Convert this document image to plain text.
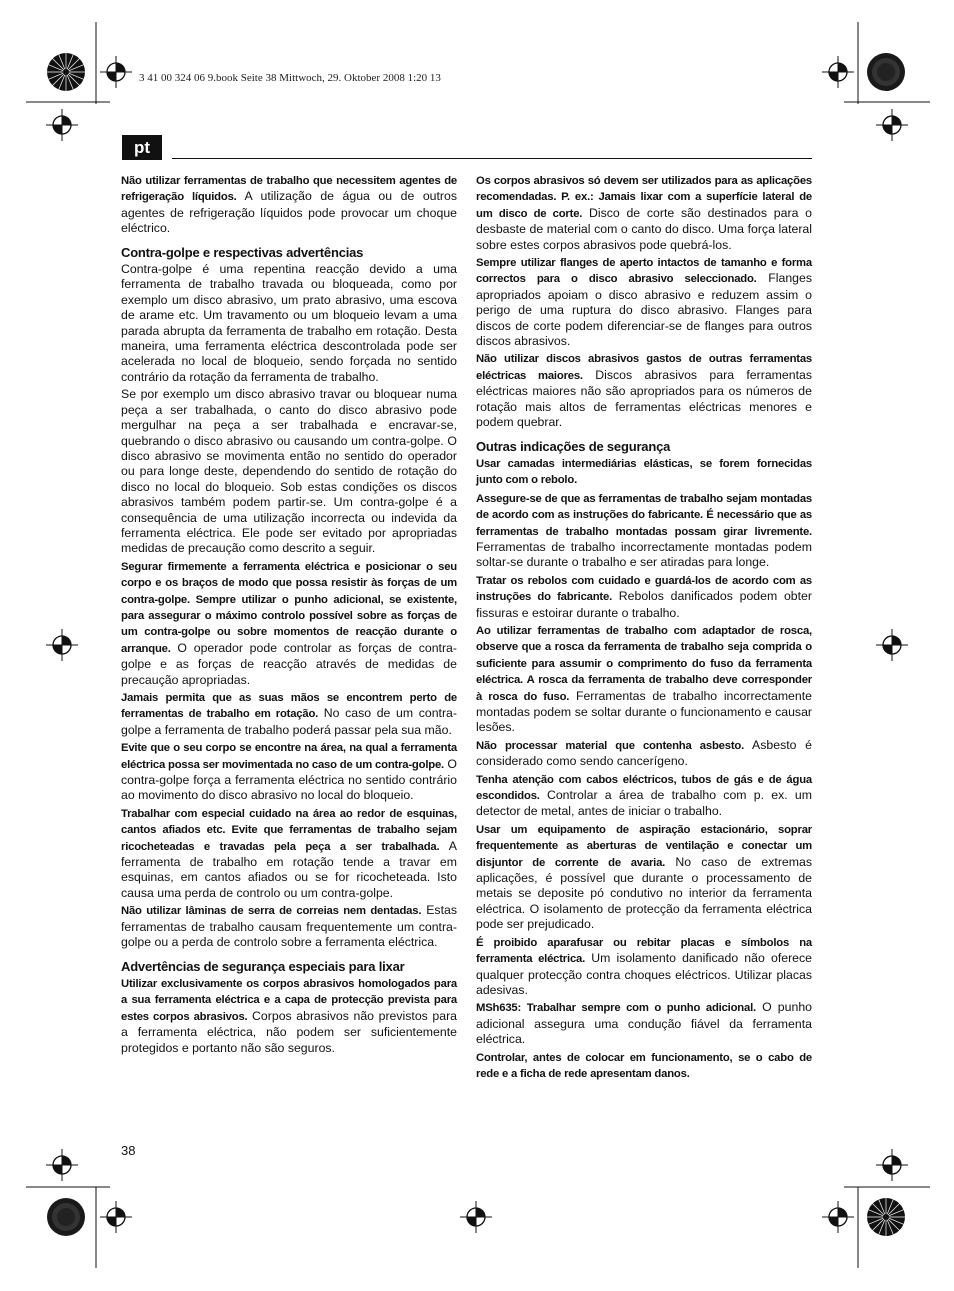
3 41 00 324 06 9.book Seite 38 Mittwoch, 29. Oktober 2008 1:20 13
pt

Não utilizar ferramentas de trabalho que necessitem agentes de refrigeração líquidos. A utilização de água ou de outros agentes de refrigeração líquidos pode provocar um choque eléctrico.

Contra-golpe e respectivas advertências

Contra-golpe é uma repentina reacção devido a uma ferramenta de trabalho travada ou bloqueada, como por exemplo um disco abrasivo, um prato abrasivo, uma escova de arame etc. Um travamento ou um bloqueio levam a uma parada abrupta da ferramenta de trabalho em rotação. Desta maneira, uma ferramenta eléctrica descontrolada pode ser acelerada no local de bloqueio, sendo forçada no sentido contrário da rotação da ferramenta de trabalho.

Se por exemplo um disco abrasivo travar ou bloquear numa peça a ser trabalhada, o canto do disco abrasivo pode mergulhar na peça a ser trabalhada e encravar-se, quebrando o disco abrasivo ou causando um contra-golpe. O disco abrasivo se movimenta então no sentido do operador ou para longe deste, dependendo do sentido de rotação do disco no local do bloqueio. Sob estas condições os discos abrasivos também podem partir-se. Um contra-golpe é a consequência de uma utilização incorrecta ou indevida da ferramenta eléctrica. Ele pode ser evitado por apropriadas medidas de precaução como descrito a seguir.

Segurar firmemente a ferramenta eléctrica e posicionar o seu corpo e os braços de modo que possa resistir às forças de um contra-golpe. Sempre utilizar o punho adicional, se existente, para assegurar o máximo controlo possível sobre as forças de um contra-golpe ou sobre momentos de reacção durante o arranque. O operador pode controlar as forças de contra-golpe e as forças de reacção através de medidas de precaução apropriadas.

Jamais permita que as suas mãos se encontrem perto de ferramentas de trabalho em rotação. No caso de um contra-golpe a ferramenta de trabalho poderá passar pela sua mão.

Evite que o seu corpo se encontre na área, na qual a ferramenta eléctrica possa ser movimentada no caso de um contra-golpe. O contra-golpe força a ferramenta eléctrica no sentido contrário ao movimento do disco abrasivo no local do bloqueio.

Trabalhar com especial cuidado na área ao redor de esquinas, cantos afiados etc. Evite que ferramentas de trabalho sejam ricocheteadas e travadas pela peça a ser trabalhada. A ferramenta de trabalho em rotação tende a travar em esquinas, em cantos afiados ou se for ricocheteada. Isto causa uma perda de controlo ou um contra-golpe.

Não utilizar lâminas de serra de correias nem dentadas. Estas ferramentas de trabalho causam frequentemente um contra-golpe ou a perda de controlo sobre a ferramenta eléctrica.

Advertências de segurança especiais para lixar

Utilizar exclusivamente os corpos abrasivos homologados para a sua ferramenta eléctrica e a capa de protecção prevista para estes corpos abrasivos. Corpos abrasivos não previstos para a ferramenta eléctrica, não podem ser suficientemente protegidos e portanto não são seguros.

Os corpos abrasivos só devem ser utilizados para as aplicações recomendadas. P. ex.: Jamais lixar com a superfície lateral de um disco de corte. Disco de corte são destinados para o desbaste de material com o canto do disco. Uma força lateral sobre estes corpos abrasivos pode quebrá-los.

Sempre utilizar flanges de aperto intactos de tamanho e forma correctos para o disco abrasivo seleccionado. Flanges apropriados apoiam o disco abrasivo e reduzem assim o perigo de uma ruptura do disco abrasivo. Flanges para discos de corte podem diferenciar-se de flanges para outros discos abrasivos.

Não utilizar discos abrasivos gastos de outras ferramentas eléctricas maiores. Discos abrasivos para ferramentas eléctricas maiores não são apropriados para os números de rotação mais altos de ferramentas eléctricas menores e podem quebrar.

Outras indicações de segurança

Usar camadas intermediárias elásticas, se forem fornecidas junto com o rebolo.

Assegure-se de que as ferramentas de trabalho sejam montadas de acordo com as instruções do fabricante. É necessário que as ferramentas de trabalho montadas possam girar livremente. Ferramentas de trabalho incorrectamente montadas podem soltar-se durante o trabalho e ser atiradas para longe.

Tratar os rebolos com cuidado e guardá-los de acordo com as instruções do fabricante. Rebolos danificados podem obter fissuras e estoirar durante o trabalho.

Ao utilizar ferramentas de trabalho com adaptador de rosca, observe que a rosca da ferramenta de trabalho seja comprida o suficiente para assumir o comprimento do fuso da ferramenta eléctrica. A rosca da ferramenta de trabalho deve corresponder à rosca do fuso. Ferramentas de trabalho incorrectamente montadas podem se soltar durante o funcionamento e causar lesões.

Não processar material que contenha asbesto. Asbesto é considerado como sendo cancerígeno.

Tenha atenção com cabos eléctricos, tubos de gás e de água escondidos. Controlar a área de trabalho com p. ex. um detector de metal, antes de iniciar o trabalho.

Usar um equipamento de aspiração estacionário, soprar frequentemente as aberturas de ventilação e conectar um disjuntor de corrente de avaria. No caso de extremas aplicações, é possível que durante o processamento de metais se deposite pó condutivo no interior da ferramenta eléctrica. O isolamento de protecção da ferramenta eléctrica pode ser prejudicado.

É proibido aparafusar ou rebitar placas e símbolos na ferramenta eléctrica. Um isolamento danificado não oferece qualquer protecção contra choques eléctricos. Utilizar placas adesivas.

MSh635: Trabalhar sempre com o punho adicional. O punho adicional assegura uma condução fiável da ferramenta eléctrica.

Controlar, antes de colocar em funcionamento, se o cabo de rede e a ficha de rede apresentam danos.

38
